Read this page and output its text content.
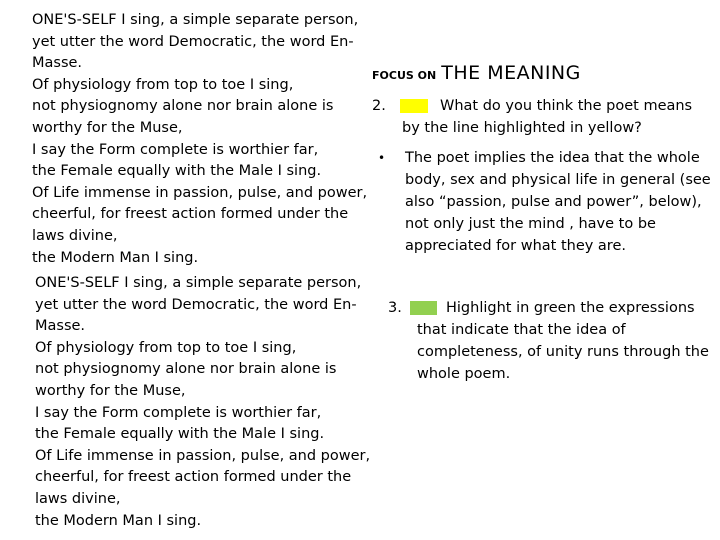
ONE'S-SELF I sing, a simple separate person,
yet utter the word Democratic, the word En-
Masse.
Of physiology from top to toe I sing,
not physiognomy alone nor brain alone is
worthy for the Muse,
I say the Form complete is worthier far,
the Female equally with the Male I sing.
Of Life immense in passion, pulse, and power,
cheerful, for freest action formed under the
laws divine,
the Modern Man I sing.
ONE'S-SELF I sing, a simple separate person,
yet utter the word Democratic, the word En-
Masse.
Of physiology from top to toe I sing,
not physiognomy alone nor brain alone is
worthy for the Muse,
I say the Form complete is worthier far,
the Female equally with the Male I sing.
Of Life immense in passion, pulse, and power,
cheerful, for freest action formed under the
laws divine,
the Modern Man I sing.
FOCUS ON THE MEANING
2.	What do you think the poet means
by the line highlighted in yellow?
• The poet implies the idea that the whole
body, sex and physical life in general (see
also “passion, pulse and power”, below),
not only just the mind , have to be
appreciated for what they are.
3.	Highlight in green the expressions
that indicate that the idea of
completeness, of unity runs through the
whole poem.
